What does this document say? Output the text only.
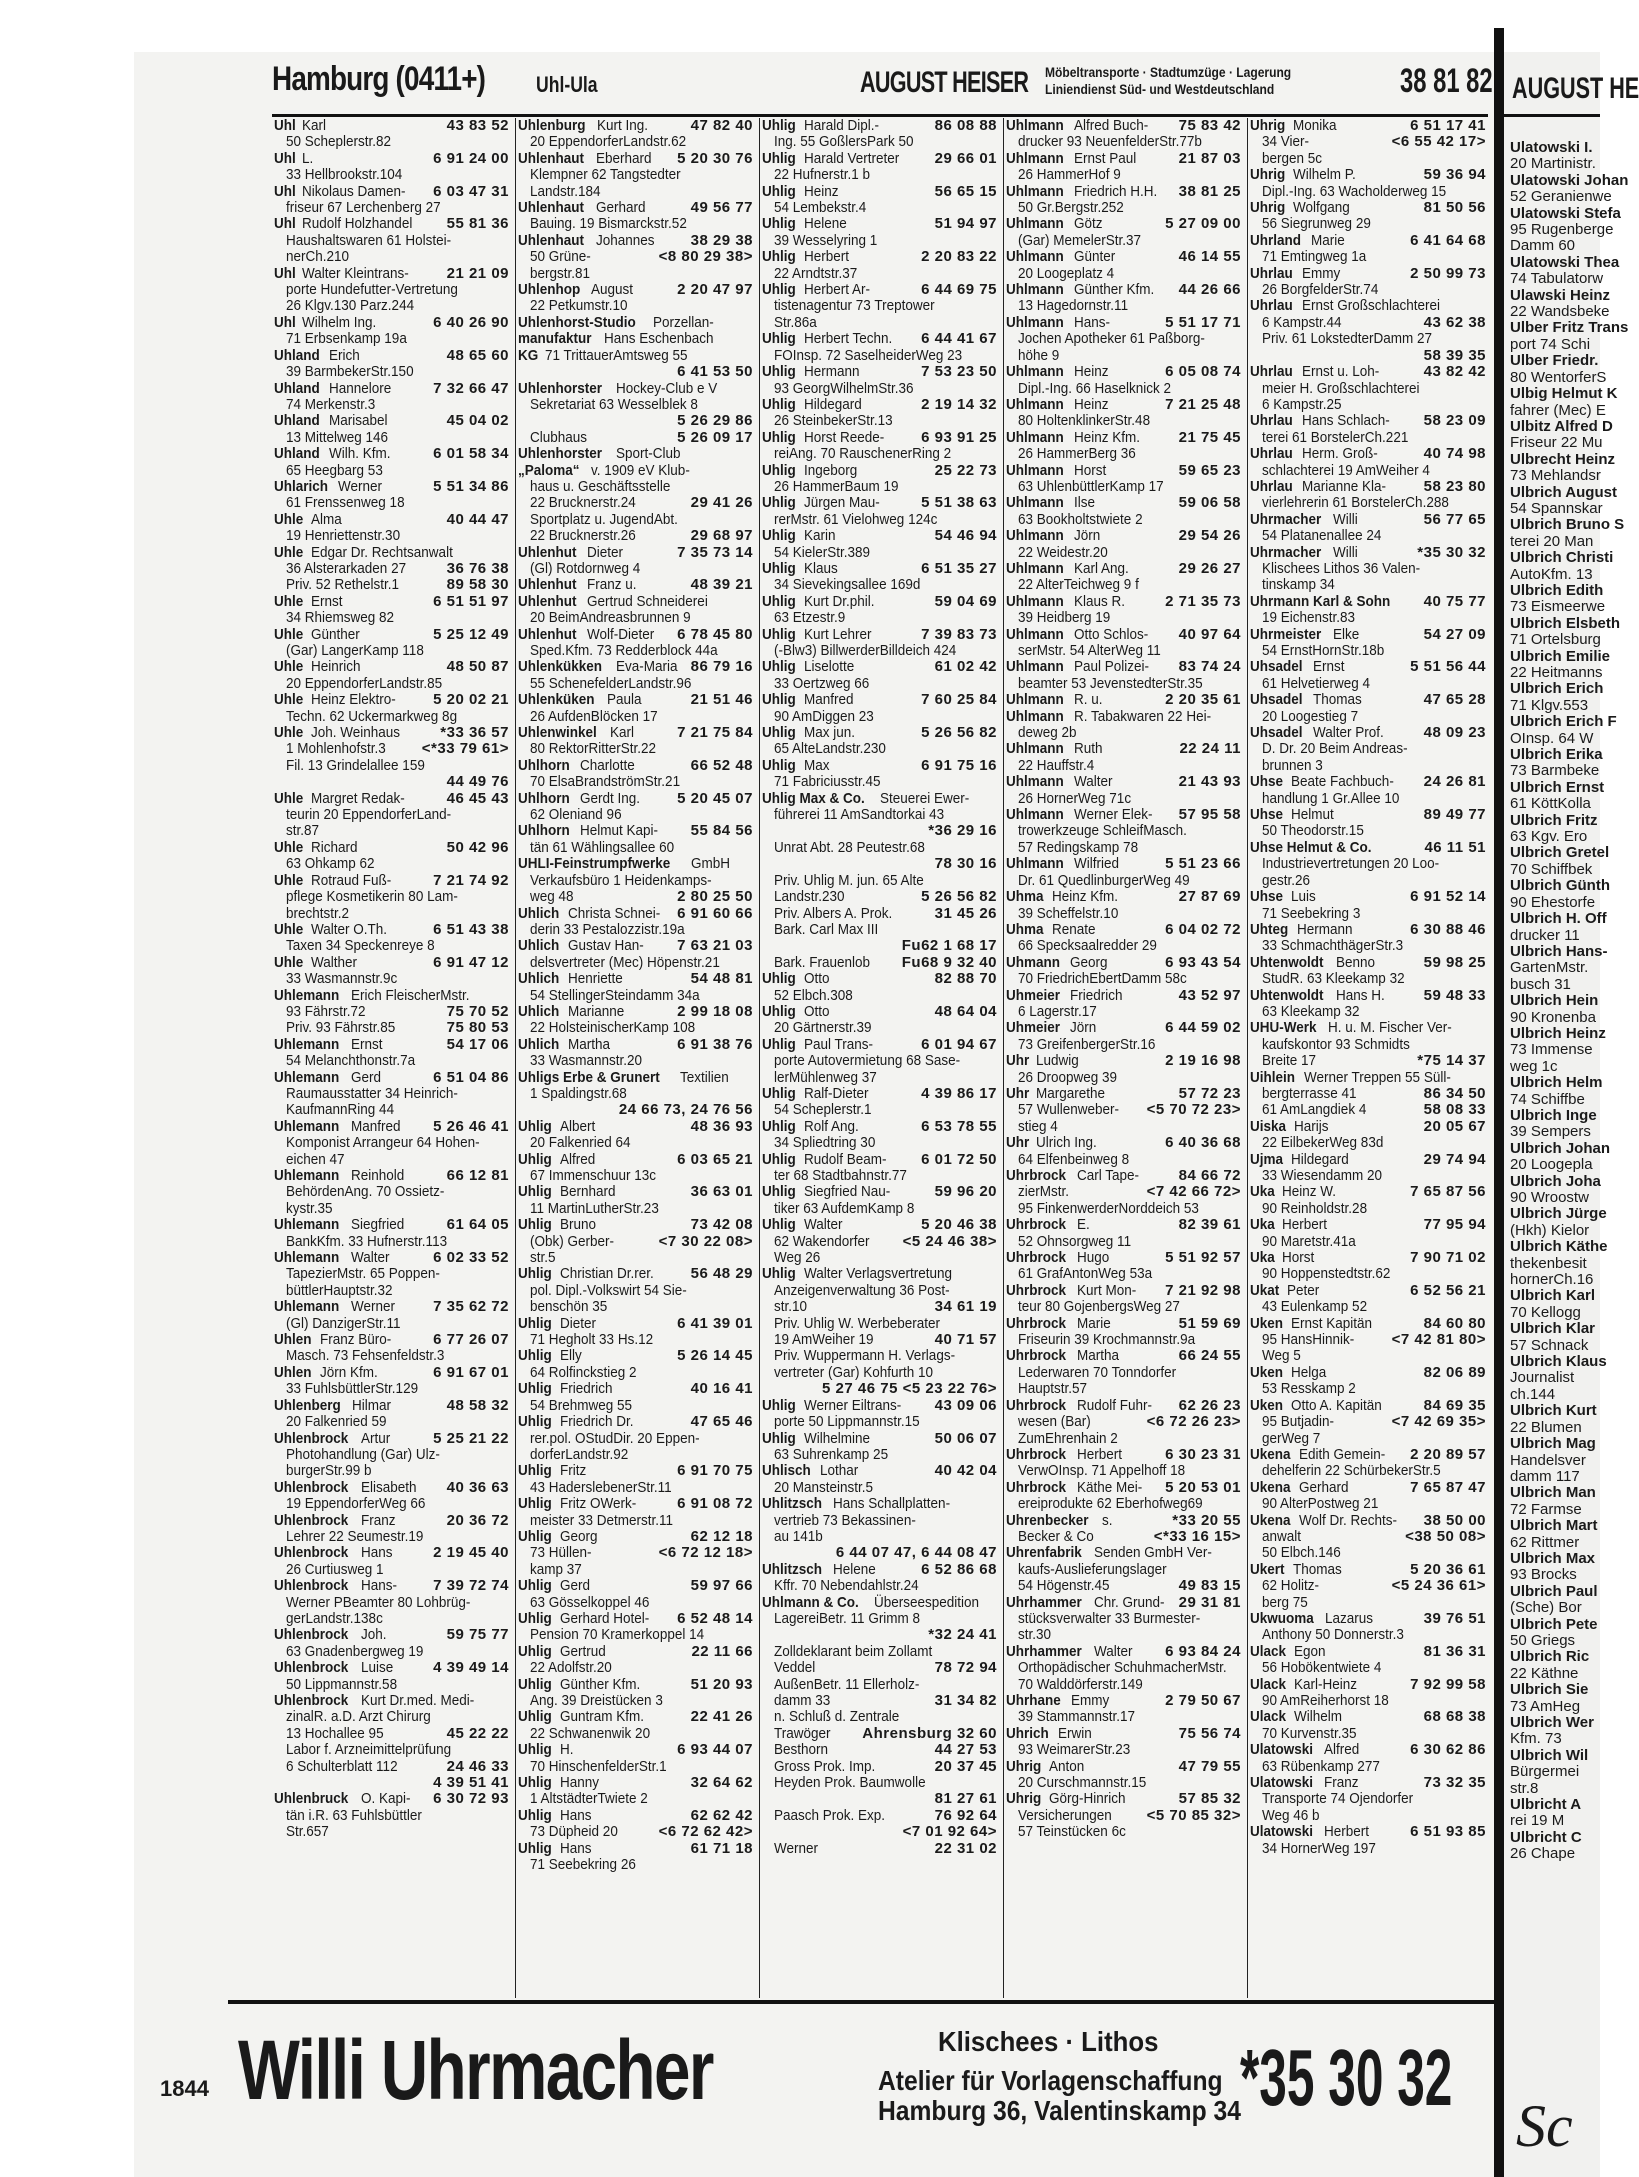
AUGUST HE
Ulatowski I.
20 Martinistr.
Ulatowski Johan
52 Geranienwe
Ulatowski Stefa
95 Rugenberge
Damm 60
Ulatowski Thea
74 Tabulatorw
Ulawski Heinz
22 Wandsbeke
Ulber Fritz Trans
port 74 Schi
Ulber Friedr.
80 WentorferS
Ulbig Helmut K
fahrer (Mec) E
Ulbitz Alfred D
Friseur 22 Mu
Ulbrecht Heinz
73 Mehlandsr
Ulbrich August
54 Spannskar
Ulbrich Bruno S
terei 20 Man
Ulbrich Christi
AutoKfm. 13
Ulbrich Edith
73 Eismeerwe
Ulbrich Elsbeth
71 Ortelsburg
Ulbrich Emilie
22 Heitmanns
Ulbrich Erich
71 Klgv.553
Ulbrich Erich F
OInsp. 64 W
Ulbrich Erika
73 Barmbeke
Ulbrich Ernst
61 KöttKolla
Ulbrich Fritz
63 Kgv. Ero
Ulbrich Gretel
70 Schiffbek
Ulbrich Günth
90 Ehestorfe
Ulbrich H. Off
drucker 11
Ulbrich Hans-
GartenMstr.
busch 31
Ulbrich Hein
90 Kronenba
Ulbrich Heinz
73 Immense
weg 1c
Ulbrich Helm
74 Schiffbe
Ulbrich Inge
39 Sempers
Ulbrich Johan
20 Loogepla
Ulbrich Joha
90 Wroostw
Ulbrich Jürge
(Hkh) Kielor
Ulbrich Käthe
thekenbesit
hornerCh.16
Ulbrich Karl
70 Kellogg
Ulbrich Klar
57 Schnack
Ulbrich Klaus
Journalist
ch.144
Ulbrich Kurt
22 Blumen
Ulbrich Mag
Handelsver
damm 117
Ulbrich Man
72 Farmse
Ulbrich Mart
62 Rittmer
Ulbrich Max
93 Brocks
Ulbrich Paul
(Sche) Bor
Ulbrich Pete
50 Griegs
Ulbrich Ric
22 Käthne
Ulbrich Sie
73 AmHeg
Ulbrich Wer
Kfm. 73
Ulbrich Wil
Bürgermei
str.8
Ulbricht A
rei 19 M
Ulbricht C
26 Chape
Sc
Hamburg (0411+) Uhl-Ula	AUGUST HEISER Möbeltransporte · Stadtumzüge · Lagerung
Liniendienst Süd- und Westdeutschland	38 81 82
Uhl Karl	43 83 52
50 Scheplerstr.82
Uhl L.	6 91 24 00
33 Hellbrookstr.104
Uhl Nikolaus Damen- 6 03 47 31
friseur 67 Lerchenberg 27
Uhl Rudolf Holzhandel 55 81 36
Haushaltswaren 61 Holstei-
nerCh.210
Uhl Walter Kleintrans- 21 21 09
porte Hundefutter-Vertretung
26 Klgv.130 Parz.244
Uhl Wilhelm Ing.	6 40 26 90
71 Erbsenkamp 19a
Uhland Erich	48 65 60
39 BarmbekerStr.150
Uhland Hannelore	7 32 66 47
74 Merkenstr.3
Uhland Marisabel	45 04 02
13 Mittelweg 146
Uhland Wilh. Kfm.	6 01 58 34
65 Heegbarg 53
Uhlarich Werner	5 51 34 86
61 Frenssenweg 18
Uhle Alma	40 44 47
19 Henriettenstr.30
Uhle Edgar Dr. Rechtsanwalt
36 Alsterarkaden 27	36 76 38
Priv. 52 Rethelstr.1	89 58 30
Uhle Ernst	6 51 51 97
34 Rhiemsweg 82
Uhle Günther	5 25 12 49
(Gar) LangerKamp 118
Uhle Heinrich	48 50 87
20 EppendorferLandstr.85
Uhle Heinz Elektro-	5 20 02 21
Techn. 62 Uckermarkweg 8g
Uhle Joh. Weinhaus	*33 36 57
1 Mohlenhofstr.3 <*33 79 61>
Fil. 13 Grindelallee 159

44 49 76
Uhle Margret Redak-	46 45 43
teurin 20 EppendorferLand-
str.87
Uhle Richard	50 42 96
63 Ohkamp 62
Uhle Rotraud Fuß-	7 21 74 92
pflege Kosmetikerin 80 Lam-
brechtstr.2
Uhle Walter O.Th.	6 51 43 38
Taxen 34 Speckenreye 8
Uhle Walther	6 91 47 12
33 Wasmannstr.9c
Uhlemann Erich FleischerMstr.
93 Fährstr.72	75 70 52
Priv. 93 Fährstr.85	75 80 53
Uhlemann Ernst	54 17 06
54 Melanchthonstr.7a
Uhlemann Gerd	6 51 04 86
Raumausstatter 34 Heinrich-
KaufmannRing 44
Uhlemann Manfred 5 26 46 41
Komponist Arrangeur 64 Hohen-
eichen 47
Uhlemann Reinhold	66 12 81
BehördenAng. 70 Ossietz-
kystr.35
Uhlemann Siegfried	61 64 05
BankKfm. 33 Hufnerstr.113
Uhlemann Walter	6 02 33 52
TapezierMstr. 65 Poppen-
büttlerHauptstr.32
Uhlemann Werner	7 35 62 72
(Gl) DanzigerStr.11
Uhlen Franz Büro-	6 77 26 07
Masch. 73 Fehsenfeldstr.3
Uhlen Jörn Kfm.	6 91 67 01
33 FuhlsbüttlerStr.129
Uhlenberg Hilmar	48 58 32
20 Falkenried 59
Uhlenbrock Artur	5 25 21 22
Photohandlung (Gar) Ulz-
burgerStr.99 b
Uhlenbrock Elisabeth 40 36 63
19 EppendorferWeg 66
Uhlenbrock Franz	20 36 72
Lehrer 22 Seumestr.19
Uhlenbrock Hans	2 19 45 40
26 Curtiusweg 1
Uhlenbrock Hans- 7 39 72 74
Werner PBeamter 80 Lohbrüg-
gerLandstr.138c
Uhlenbrock Joh.	59 75 77
63 Gnadenbergweg 19
Uhlenbrock Luise	4 39 49 14
50 Lippmannstr.58
Uhlenbrock Kurt Dr.med. Medi-
zinalR. a.D. Arzt Chirurg
13 Hochallee 95	45 22 22
Labor f. Arzneimittelprüfung
6 Schulterblatt 112	24 46 33

4 39 51 41
Uhlenbruck O. Kapi- 6 30 72 93
tän i.R. 63 Fuhlsbüttler
Str.657
Uhlenburg Kurt Ing.	47 82 40
20 EppendorferLandstr.62
Uhlenhaut Eberhard 5 20 30 76
Klempner 62 Tangstedter
Landstr.184
Uhlenhaut Gerhard	49 56 77
Bauing. 19 Bismarckstr.52
Uhlenhaut Johannes 38 29 38
50 Grüne-	<8 80 29 38>
bergstr.81
Uhlenhop August	2 20 47 97
22 Petkumstr.10
Uhlenhorst-Studio Porzellan-
manufaktur Hans Eschenbach
KG 71 TrittauerAmtsweg 55

6 41 53 50
Uhlenhorster Hockey-Club e V
Sekretariat 63 Wesselblek 8

5 26 29 86
Clubhaus	5 26 09 17
Uhlenhorster Sport-Club
„Paloma“ v. 1909 eV Klub-
haus u. Geschäftsstelle
22 Brucknerstr.24	29 41 26
Sportplatz u. JugendAbt.
22 Brucknerstr.26	29 68 97
Uhlenhut Dieter	7 35 73 14
(Gl) Rotdornweg 4
Uhlenhut Franz u.	48 39 21
Uhlenhut Gertrud Schneiderei
20 BeimAndreasbrunnen 9
Uhlenhut Wolf-Dieter 6 78 45 80
Sped.Kfm. 73 Redderblock 44a
Uhlenkükken Eva-Maria 86 79 16
55 SchenefelderLandstr.96
Uhlenküken Paula	21 51 46
26 AufdenBlöcken 17
Uhlenwinkel Karl	7 21 75 84
80 RektorRitterStr.22
Uhlhorn Charlotte	66 52 48
70 ElsaBrandströmStr.21
Uhlhorn Gerdt Ing. 5 20 45 07
62 Oleniand 96
Uhlhorn Helmut Kapi- 55 84 56
tän 61 Wählingsallee 60
UHLI-Feinstrumpfwerke GmbH
Verkaufsbüro 1 Heidenkamps-
weg 48	2 80 25 50
Uhlich Christa Schnei- 6 91 60 66
derin 33 Pestalozzistr.19a
Uhlich Gustav Han- 7 63 21 03
delsvertreter (Mec) Höpenstr.21
Uhlich Henriette	54 48 81
54 StellingerSteindamm 34a
Uhlich Marianne	2 99 18 08
22 HolsteinischerKamp 108
Uhlich Martha	6 91 38 76
33 Wasmannstr.20
Uhligs Erbe & Grunert Textilien
1 Spaldingstr.68

24 66 73, 24 76 56
Uhlig Albert	48 36 93
20 Falkenried 64
Uhlig Alfred	6 03 65 21
67 Immenschuur 13c
Uhlig Bernhard	36 63 01
11 MartinLutherStr.23
Uhlig Bruno	73 42 08
(Obk) Gerber-	<7 30 22 08>
str.5
Uhlig Christian Dr.rer. 56 48 29
pol. Dipl.-Volkswirt 54 Sie-
benschön 35
Uhlig Dieter	6 41 39 01
71 Hegholt 33 Hs.12
Uhlig Elly	5 26 14 45
64 Rolfinckstieg 2
Uhlig Friedrich	40 16 41
54 Brehmweg 55
Uhlig Friedrich Dr.	47 65 46
rer.pol. OStudDir. 20 Eppen-
dorferLandstr.92
Uhlig Fritz	6 91 70 75
43 HaderslebenerStr.11
Uhlig Fritz OWerk-	6 91 08 72
meister 33 Detmerstr.11
Uhlig Georg	62 12 18
73 Hüllen-	<6 72 12 18>
kamp 37
Uhlig Gerd	59 97 66
63 Gösselkoppel 46
Uhlig Gerhard Hotel- 6 52 48 14
Pension 70 Kramerkoppel 14
Uhlig Gertrud	22 11 66
22 Adolfstr.20
Uhlig Günther Kfm.	51 20 93
Ang. 39 Dreistücken 3
Uhlig Guntram Kfm.	22 41 26
22 Schwanenwik 20
Uhlig H.	6 93 44 07
70 HinschenfelderStr.1
Uhlig Hanny	32 64 62
1 AltstädterTwiete 2
Uhlig Hans	62 62 42
73 Düpheid 20	<6 72 62 42>
Uhlig Hans	61 71 18
71 Seebekring 26
Uhlig Harald Dipl.-	86 08 88
Ing. 55 GoßlersPark 50
Uhlig Harald Vertreter 29 66 01
22 Hufnerstr.1 b
Uhlig Heinz	56 65 15
54 Lembekstr.4
Uhlig Helene	51 94 97
39 Wesselyring 1
Uhlig Herbert	2 20 83 22
22 Arndtstr.37
Uhlig Herbert Ar-	6 44 69 75
tistenagentur 73 Treptower
Str.86a
Uhlig Herbert Techn. 6 44 41 67
FOInsp. 72 SaselheiderWeg 23
Uhlig Hermann	7 53 23 50
93 GeorgWilhelmStr.36
Uhlig Hildegard	2 19 14 32
26 SteinbekerStr.13
Uhlig Horst Reede- 6 93 91 25
reiAng. 70 RauschenerRing 2
Uhlig Ingeborg	25 22 73
26 HammerBaum 19
Uhlig Jürgen Mau-	5 51 38 63
rerMstr. 61 Vielohweg 124c
Uhlig Karin	54 46 94
54 KielerStr.389
Uhlig Klaus	6 51 35 27
34 Sievekingsallee 169d
Uhlig Kurt Dr.phil.	59 04 69
63 Etzestr.9
Uhlig Kurt Lehrer	7 39 83 73
(-Blw3) BillwerderBilldeich 424
Uhlig Liselotte	61 02 42
33 Oertzweg 66
Uhlig Manfred	7 60 25 84
90 AmDiggen 23
Uhlig Max jun.	5 26 56 82
65 AlteLandstr.230
Uhlig Max	6 91 75 16
71 Fabriciusstr.45
Uhlig Max & Co. Steuerei Ewer-
führerei 11 AmSandtorkai 43

*36 29 16
Unrat Abt. 28 Peutestr.68

78 30 16
Priv. Uhlig M. jun. 65 Alte
Landstr.230	5 26 56 82
Priv. Albers A. Prok.	31 45 26
Bark. Carl Max III

Fu62 1 68 17
Bark. Frauenlob Fu68 9 32 40
Uhlig Otto	82 88 70
52 Elbch.308
Uhlig Otto	48 64 04
20 Gärtnerstr.39
Uhlig Paul Trans-	6 01 94 67
porte Autovermietung 68 Sase-
lerMühlenweg 37
Uhlig Ralf-Dieter	4 39 86 17
54 Scheplerstr.1
Uhlig Rolf Ang.	6 53 78 55
34 Spliedtring 30
Uhlig Rudolf Beam- 6 01 72 50
ter 68 Stadtbahnstr.77
Uhlig Siegfried Nau-	59 96 20
tiker 63 AufdemKamp 8
Uhlig Walter	5 20 46 38
62 Wakendorfer <5 24 46 38>
Weg 26
Uhlig Walter Verlagsvertretung
Anzeigenverwaltung 36 Post-
str.10	34 61 19
Priv. Uhlig W. Werbeberater
19 AmWeiher 19	40 71 57
Priv. Wuppermann H. Verlags-
vertreter (Gar) Kohfurth 10

5 27 46 75 <5 23 22 76>
Uhlig Werner Eiltrans- 43 09 06
porte 50 Lippmannstr.15
Uhlig Wilhelmine	50 06 07
63 Suhrenkamp 25
Uhlisch Lothar	40 42 04
20 Mansteinstr.5
Uhlitzsch Hans Schallplatten-
vertrieb 73 Bekassinen-
au 141b

6 44 07 47, 6 44 08 47
Uhlitzsch Helene	6 52 86 68
Kffr. 70 Nebendahlstr.24
Uhlmann & Co. Überseespedition
LagereiBetr. 11 Grimm 8

*32 24 41
Zolldeklarant beim Zollamt
Veddel	78 72 94
AußenBetr. 11 Ellerholz-
damm 33	31 34 82
n. Schluß d. Zentrale
Trawöger Ahrensburg 32 60
Besthorn	44 27 53
Gross Prok. Imp.	20 37 45
Heyden Prok. Baumwolle

81 27 61
Paasch Prok. Exp.	76 92 64

<7 01 92 64>
Werner	22 31 02
Uhlmann Alfred Buch- 75 83 42
drucker 93 NeuenfelderStr.77b
Uhlmann Ernst Paul	21 87 03
26 HammerHof 9
Uhlmann Friedrich H.H. 38 81 25
50 Gr.Bergstr.252
Uhlmann Götz	5 27 09 00
(Gar) MemelerStr.37
Uhlmann Günter	46 14 55
20 Loogeplatz 4
Uhlmann Günther Kfm. 44 26 66
13 Hagedornstr.11
Uhlmann Hans-	5 51 17 71
Jochen Apotheker 61 Paßborg-
höhe 9
Uhlmann Heinz	6 05 08 74
Dipl.-Ing. 66 Haselknick 2
Uhlmann Heinz	7 21 25 48
80 HoltenklinkerStr.48
Uhlmann Heinz Kfm.	21 75 45
26 HammerBerg 36
Uhlmann Horst	59 65 23
63 UhlenbüttlerKamp 17
Uhlmann Ilse	59 06 58
63 Bookholtstwiete 2
Uhlmann Jörn	29 54 26
22 Weidestr.20
Uhlmann Karl Ang.	29 26 27
22 AlterTeichweg 9 f
Uhlmann Klaus R.	2 71 35 73
39 Heidberg 19
Uhlmann Otto Schlos- 40 97 64
serMstr. 54 AlterWeg 11
Uhlmann Paul Polizei- 83 74 24
beamter 53 JevenstedterStr.35
Uhlmann R. u.	2 20 35 61
Uhlmann R. Tabakwaren 22 Hei-
deweg 2b
Uhlmann Ruth	22 24 11
22 Hauffstr.4
Uhlmann Walter	21 43 93
26 HornerWeg 71c
Uhlmann Werner Elek- 57 95 58
trowerkzeuge SchleifMasch.
57 Redingskamp 78
Uhlmann Wilfried	5 51 23 66
Dr. 61 QuedlinburgerWeg 49
Uhma Heinz Kfm.	27 87 69
39 Scheffelstr.10
Uhma Renate	6 04 02 72
66 Specksaalredder 29
Uhmann Georg	6 93 43 54
70 FriedrichEbertDamm 58c
Uhmeier Friedrich	43 52 97
6 Lagerstr.17
Uhmeier Jörn	6 44 59 02
73 GreifenbergerStr.16
Uhr Ludwig	2 19 16 98
26 Droopweg 39
Uhr Margarethe	57 72 23
57 Wullenweber- <5 70 72 23>
stieg 4
Uhr Ulrich Ing.	6 40 36 68
64 Elfenbeinweg 8
Uhrbrock Carl Tape-	84 66 72
zierMstr.	<7 42 66 72>
95 FinkenwerderNorddeich 53
Uhrbrock E.	82 39 61
52 Ohnsorgweg 11
Uhrbrock Hugo	5 51 92 57
61 GrafAntonWeg 53a
Uhrbrock Kurt Mon- 7 21 92 98
teur 80 GojenbergsWeg 27
Uhrbrock Marie	51 59 69
Friseurin 39 Krochmannstr.9a
Uhrbrock Martha	66 24 55
Lederwaren 70 Tonndorfer
Hauptstr.57
Uhrbrock Rudolf Fuhr- 62 26 23
wesen (Bar)	<6 72 26 23>
ZumEhrenhain 2
Uhrbrock Herbert	6 30 23 31
VerwOInsp. 71 Appelhoff 18
Uhrbrock Käthe Mei- 5 20 53 01
ereiprodukte 62 Eberhofweg69
Uhrenbecker s.	*33 20 55
Becker & Co	<*33 16 15>
Uhrenfabrik Senden GmbH Ver-
kaufs-Auslieferungslager
54 Högenstr.45	49 83 15
Uhrhammer Chr. Grund- 29 31 81
stücksverwalter 33 Burmester-
str.30
Uhrhammer Walter 6 93 84 24
Orthopädischer SchuhmacherMstr.
70 Walddörferstr.149
Uhrhane Emmy	2 79 50 67
39 Stammannstr.17
Uhrich Erwin	75 56 74
93 WeimarerStr.23
Uhrig Anton	47 79 55
20 Curschmannstr.15
Uhrig Görg-Hinrich	57 85 32
Versicherungen <5 70 85 32>
57 Teinstücken 6c
Uhrig Monika	6 51 17 41
34 Vier-	<6 55 42 17>
bergen 5c
Uhrig Wilhelm P.	59 36 94
Dipl.-Ing. 63 Wacholderweg 15
Uhrig Wolfgang	81 50 56
56 Siegrunweg 29
Uhrland Marie	6 41 64 68
71 Emtingweg 1a
Uhrlau Emmy	2 50 99 73
26 BorgfelderStr.74
Uhrlau Ernst Großschlachterei
6 Kampstr.44	43 62 38
Priv. 61 LokstedterDamm 27

58 39 35
Uhrlau Ernst u. Loh-	43 82 42
meier H. Großschlachterei
6 Kampstr.25
Uhrlau Hans Schlach- 58 23 09
terei 61 BorstelerCh.221
Uhrlau Herm. Groß-	40 74 98
schlachterei 19 AmWeiher 4
Uhrlau Marianne Kla-	58 23 80
vierlehrerin 61 BorstelerCh.288
Uhrmacher Willi	56 77 65
54 Platanenallee 24
Uhrmacher Willi	*35 30 32
Klischees Lithos 36 Valen-
tinskamp 34
Uhrmann Karl & Sohn 40 75 77
19 Eichenstr.83
Uhrmeister Elke	54 27 09
54 ErnstHornStr.18b
Uhsadel Ernst	5 51 56 44
61 Helvetierweg 4
Uhsadel Thomas	47 65 28
20 Loogestieg 7
Uhsadel Walter Prof.	48 09 23
D. Dr. 20 Beim Andreas-
brunnen 3
Uhse Beate Fachbuch- 24 26 81
handlung 1 Gr.Allee 10
Uhse Helmut	89 49 77
50 Theodorstr.15
Uhse Helmut & Co.	46 11 51
Industrievertretungen 20 Loo-
gestr.26
Uhse Luis	6 91 52 14
71 Seebekring 3
Uhteg Hermann	6 30 88 46
33 SchmachthägerStr.3
Uhtenwoldt Benno	59 98 25
StudR. 63 Kleekamp 32
Uhtenwoldt Hans H.	59 48 33
63 Kleekamp 32
UHU-Werk H. u. M. Fischer Ver-
kaufskontor 93 Schmidts
Breite 17	*75 14 37
Uihlein Werner Treppen 55 Süll-
bergterrasse 41	86 34 50
61 AmLangdiek 4	58 08 33
Uiska Harijs	20 05 67
22 EilbekerWeg 83d
Ujma Hildegard	29 74 94
33 Wiesendamm 20
Uka Heinz W.	7 65 87 56
90 Reinholdstr.28
Uka Herbert	77 95 94
90 Maretstr.41a
Uka Horst	7 90 71 02
90 Hoppenstedtstr.62
Ukat Peter	6 52 56 21
43 Eulenkamp 52
Uken Ernst Kapitän	84 60 80
95 HansHinnik- <7 42 81 80>
Weg 5
Uken Helga	82 06 89
53 Resskamp 2
Uken Otto A. Kapitän	84 69 35
95 Butjadin-	<7 42 69 35>
gerWeg 7
Ukena Edith Gemein- 2 20 89 57
dehelferin 22 SchürbekerStr.5
Ukena Gerhard	7 65 87 47
90 AlterPostweg 21
Ukena Wolf Dr. Rechts- 38 50 00
anwalt	<38 50 08>
50 Elbch.146
Ukert Thomas	5 20 36 61
62 Holitz-	<5 24 36 61>
berg 75
Ukwuoma Lazarus	39 76 51
Anthony 50 Donnerstr.3
Ulack Egon	81 36 31
56 Hobökentwiete 4
Ulack Karl-Heinz	7 92 99 58
90 AmReiherhorst 18
Ulack Wilhelm	68 68 38
70 Kurvenstr.35
Ulatowski Alfred	6 30 62 86
63 Rübenkamp 277
Ulatowski Franz	73 32 35
Transporte 74 Ojendorfer
Weg 46 b
Ulatowski Herbert	6 51 93 85
34 HornerWeg 197
1844 Willi Uhrmacher	Klischees · Lithos
Atelier für Vorlagenschaffung
Hamburg 36, Valentinskamp 34 *35 30 32
